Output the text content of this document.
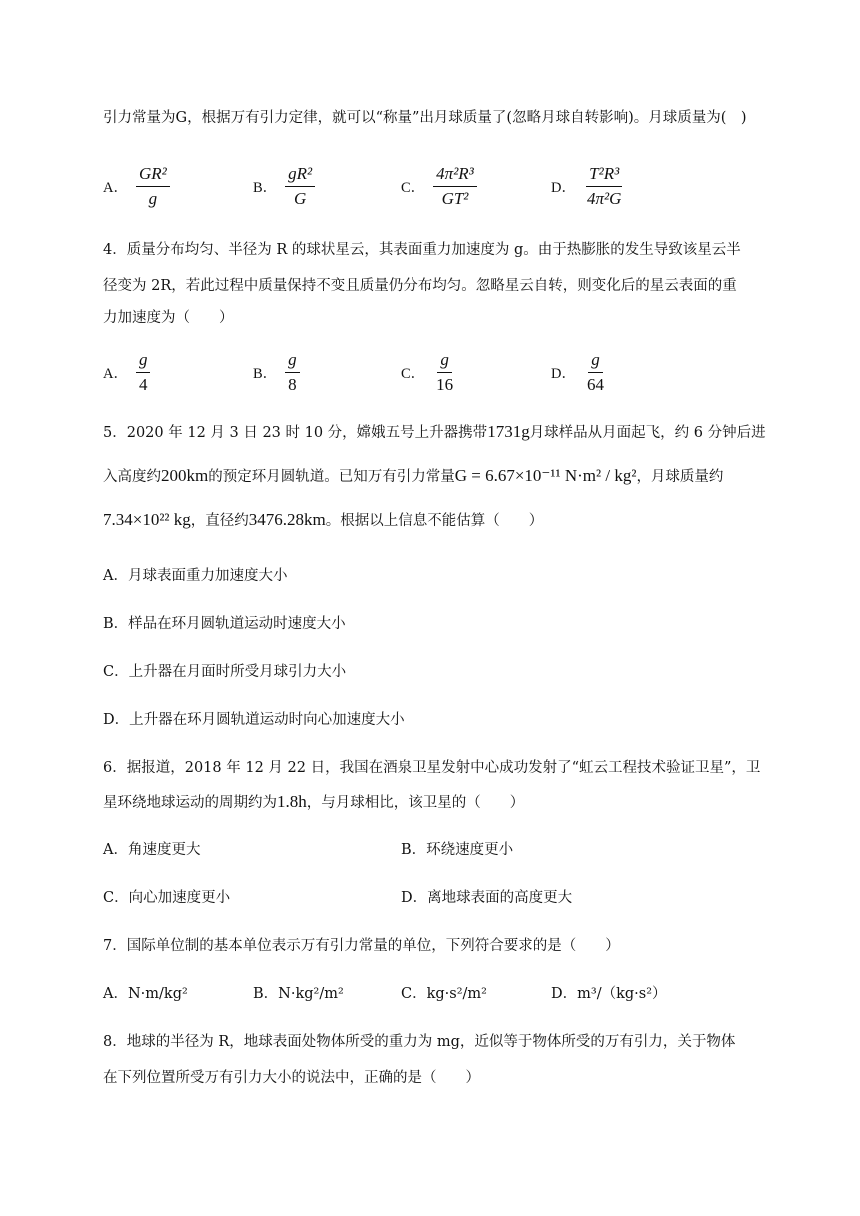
引力常量为G，根据万有引力定律，就可以“称量”出月球质量了(忽略月球自转影响)。月球质量为(　)
A． $\frac{\text{GR²}}{g}$	B． $\frac{\text{gR²}}{G}$	C． $\frac{\text{4π²R³}}{\text{GT²}}$	D． $\frac{\text{T²R³}}{\text{4π²G}}$
4．质量分布均匀、半径为 R 的球状星云，其表面重力加速度为 g。由于热膨胀的发生导致该星云半
径变为 2R，若此过程中质量保持不变且质量仍分布均匀。忽略星云自转，则变化后的星云表面的重
力加速度为（　　）
A． $\frac{g}{4}$	B． $\frac{g}{8}$	C． $\frac{g}{16}$	D． $\frac{g}{64}$
5．2020 年 12 月 3 日 23 时 10 分，嫦娥五号上升器携带1731g月球样品从月面起飞，约 6 分钟后进
入高度约200km的预定环月圆轨道。已知万有引力常量G = 6.67×10⁻¹¹ N·m² / kg²，月球质量约
7.34×10²² kg，直径约3476.28km。根据以上信息不能估算（　　）
A．月球表面重力加速度大小
B．样品在环月圆轨道运动时速度大小
C．上升器在月面时所受月球引力大小
D．上升器在环月圆轨道运动时向心加速度大小
6．据报道，2018 年 12 月 22 日，我国在酒泉卫星发射中心成功发射了“虹云工程技术验证卫星”，卫
星环绕地球运动的周期约为1.8h，与月球相比，该卫星的（　　）
A．角速度更大	B．环绕速度更小
C．向心加速度更小	D．离地球表面的高度更大
7．国际单位制的基本单位表示万有引力常量的单位，下列符合要求的是（　　）
A．N·m/kg²	B．N·kg²/m²	C．kg·s²/m²	D．m³/（kg·s²）
8．地球的半径为 R，地球表面处物体所受的重力为 mg，近似等于物体所受的万有引力，关于物体
在下列位置所受万有引力大小的说法中，正确的是（　　）
